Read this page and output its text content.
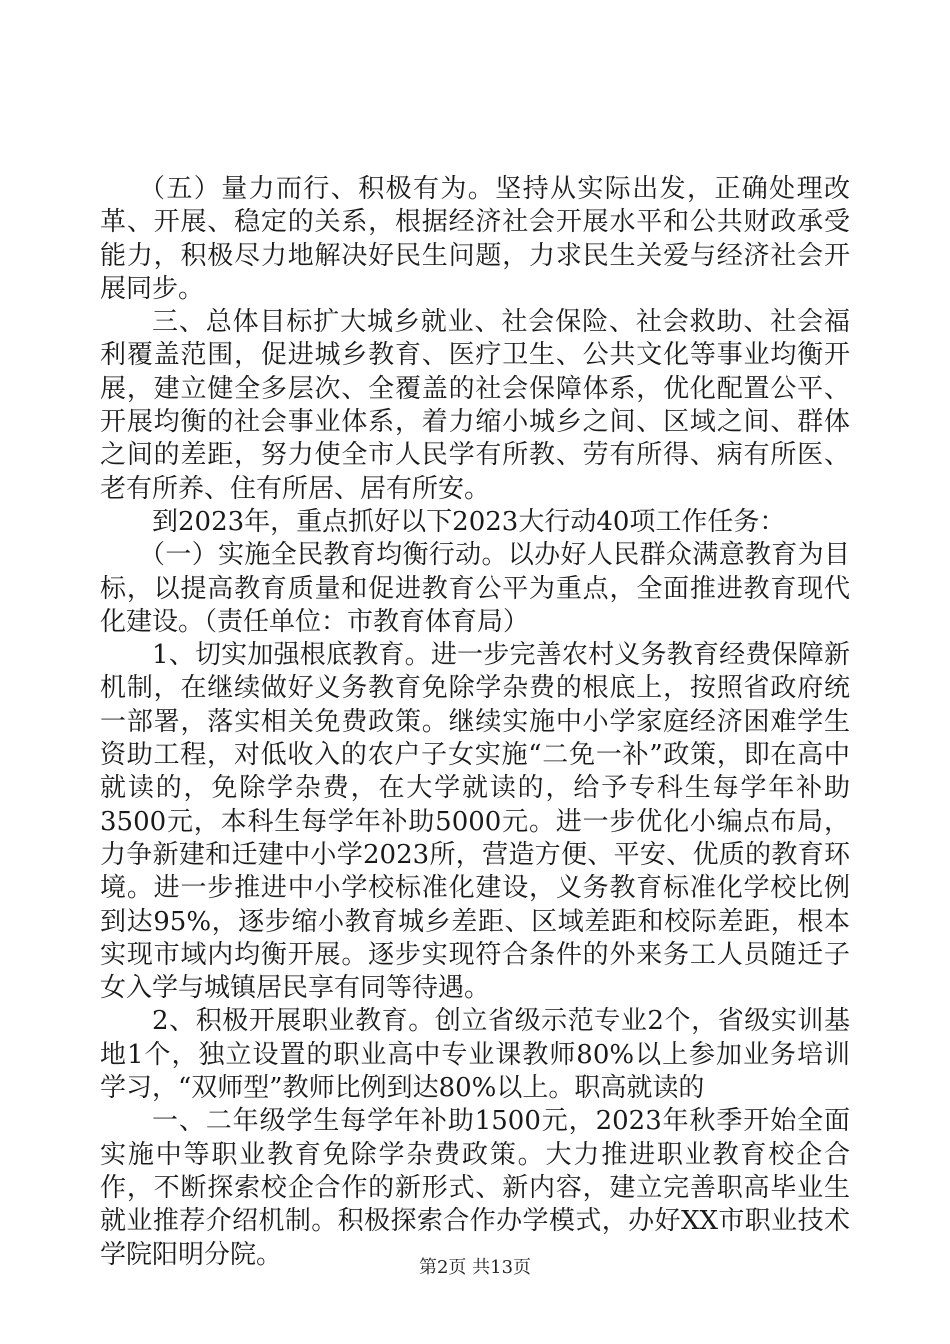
（五）量力而行、积极有为。坚持从实际出发，正确处理改革、开展、稳定的关系，根据经济社会开展水平和公共财政承受能力，积极尽力地解决好民生问题，力求民生关爱与经济社会开展同步。

三、总体目标扩大城乡就业、社会保险、社会救助、社会福利覆盖范围，促进城乡教育、医疗卫生、公共文化等事业均衡开展，建立健全多层次、全覆盖的社会保障体系，优化配置公平、开展均衡的社会事业体系，着力缩小城乡之间、区域之间、群体之间的差距，努力使全市人民学有所教、劳有所得、病有所医、老有所养、住有所居、居有所安。

到2023年，重点抓好以下2023大行动40项工作任务：

（一）实施全民教育均衡行动。以办好人民群众满意教育为目标，以提高教育质量和促进教育公平为重点，全面推进教育现代化建设。（责任单位：市教育体育局）

1、切实加强根底教育。进一步完善农村义务教育经费保障新机制，在继续做好义务教育免除学杂费的根底上，按照省政府统一部署，落实相关免费政策。继续实施中小学家庭经济困难学生资助工程，对低收入的农户子女实施“二免一补”政策，即在高中就读的，免除学杂费，在大学就读的，给予专科生每学年补助3500元，本科生每学年补助5000元。进一步优化小编点布局，力争新建和迁建中小学2023所，营造方便、平安、优质的教育环境。进一步推进中小学校标准化建设，义务教育标准化学校比例到达95%，逐步缩小教育城乡差距、区域差距和校际差距，根本实现市域内均衡开展。逐步实现符合条件的外来务工人员随迁子女入学与城镇居民享有同等待遇。

2、积极开展职业教育。创立省级示范专业2个，省级实训基地1个，独立设置的职业高中专业课教师80%以上参加业务培训学习，“双师型”教师比例到达80%以上。职高就读的

一、二年级学生每学年补助1500元，2023年秋季开始全面实施中等职业教育免除学杂费政策。大力推进职业教育校企合作，不断探索校企合作的新形式、新内容，建立完善职高毕业生就业推荐介绍机制。积极探索合作办学模式，办好XX市职业技术学院阳明分院。	第2页 共13页
